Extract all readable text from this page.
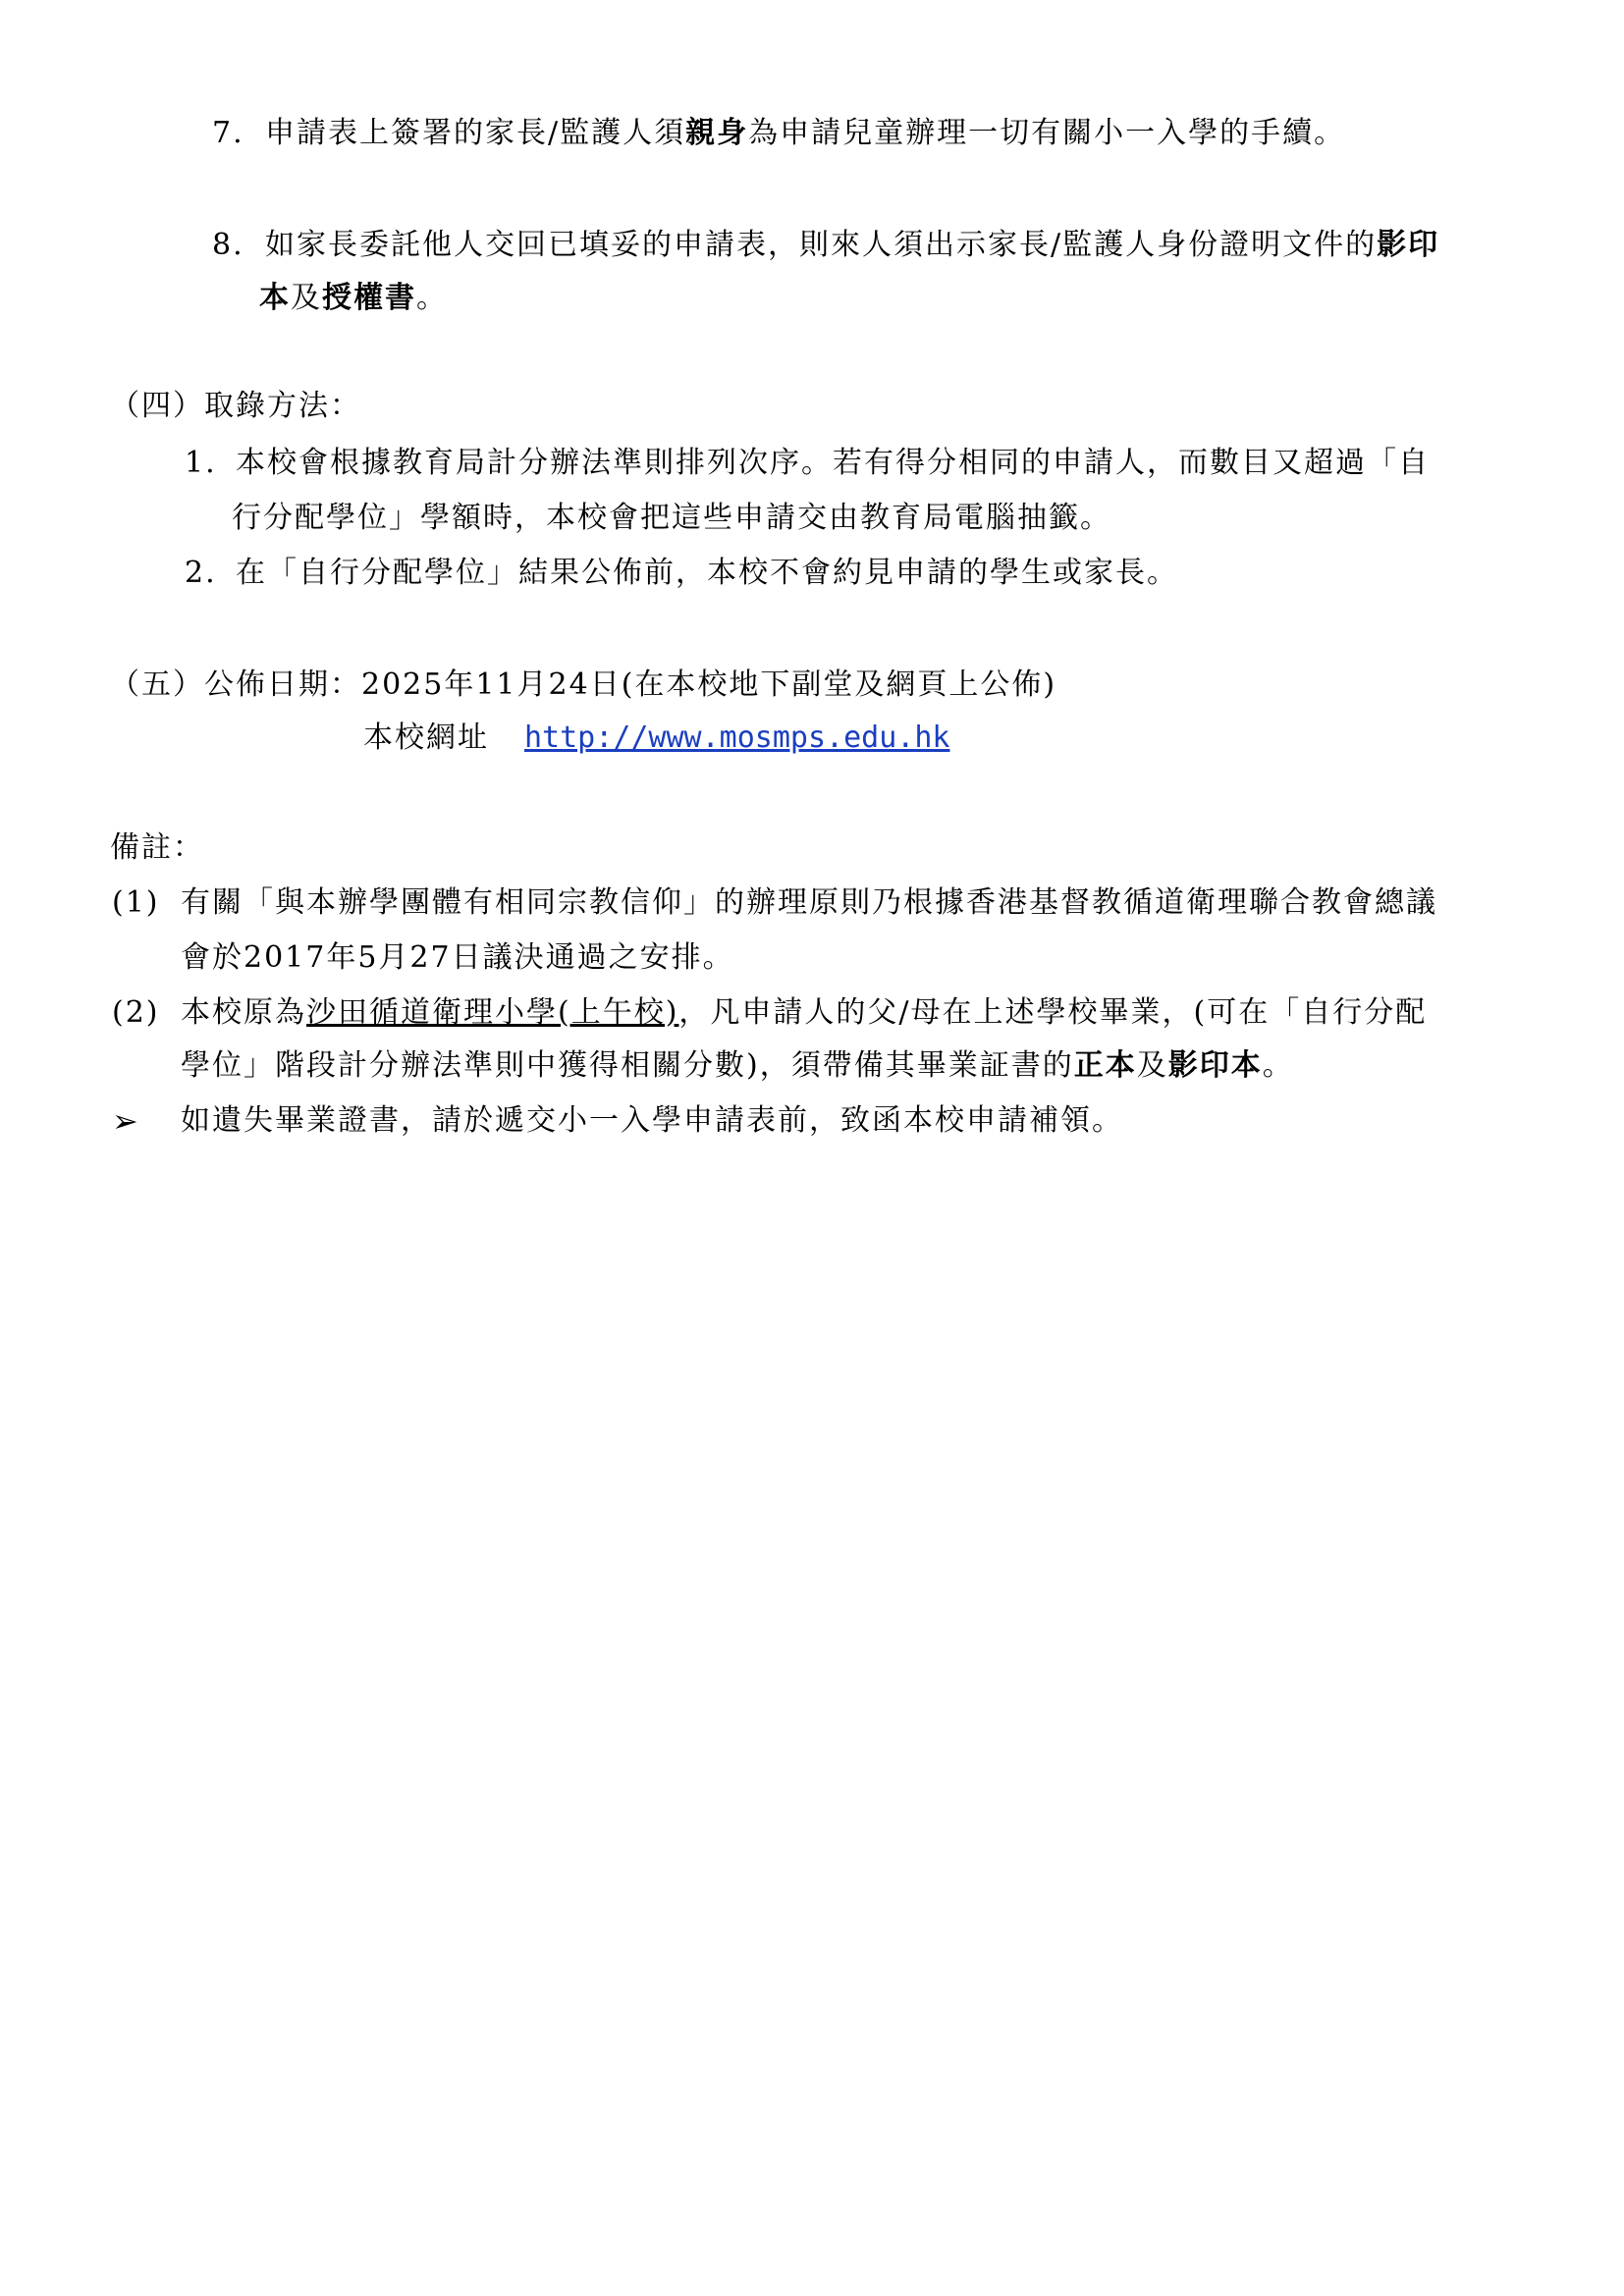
7. 申請表上簽署的家長/監護人須親身為申請兒童辦理一切有關小一入學的手續。
8. 如家長委託他人交回已填妥的申請表，則來人須出示家長/監護人身份證明文件的影印
本及授權書。
（四）取錄方法：
1. 本校會根據教育局計分辦法準則排列次序。若有得分相同的申請人，而數目又超過「自
行分配學位」學額時，本校會把這些申請交由教育局電腦抽籤。
2. 在「自行分配學位」結果公佈前，本校不會約見申請的學生或家長。
（五）公佈日期：2025年11月24日(在本校地下副堂及網頁上公佈)
本校網址 http://www.mosmps.edu.hk
備註：
(1) 有關「與本辦學團體有相同宗教信仰」的辦理原則乃根據香港基督教循道衛理聯合教會總議
會於2017年5月27日議決通過之安排。
(2) 本校原為沙田循道衛理小學(上午校)，凡申請人的父/母在上述學校畢業，(可在「自行分配
學位」階段計分辦法準則中獲得相關分數)，須帶備其畢業証書的正本及影印本。
➢ 如遺失畢業證書，請於遞交小一入學申請表前，致函本校申請補領。
